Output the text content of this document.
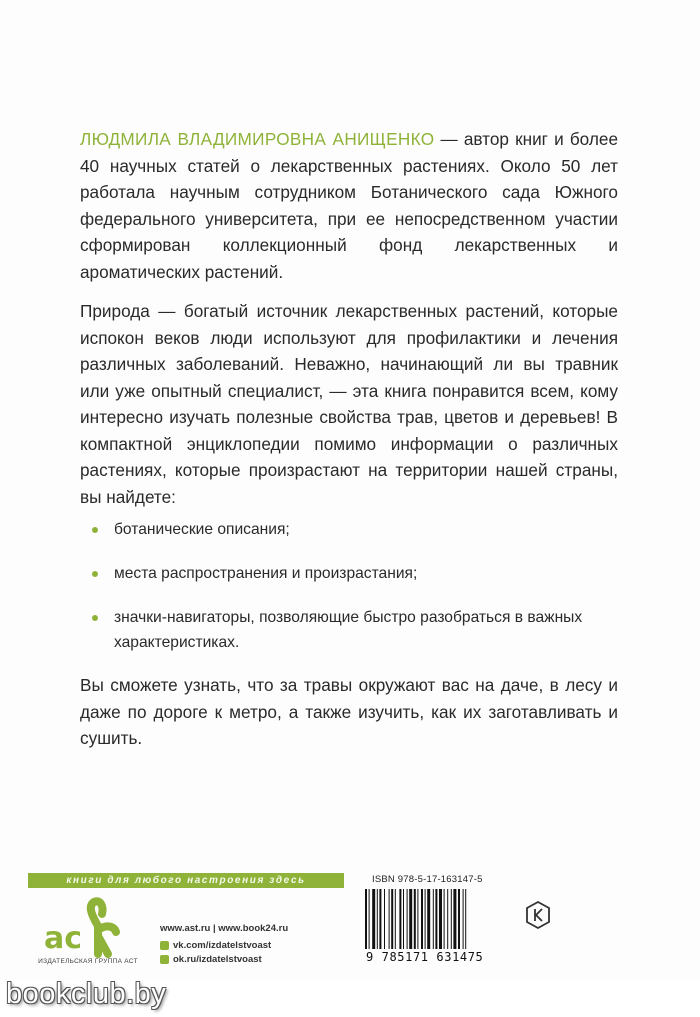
ЛЮДМИЛА ВЛАДИМИРОВНА АНИЩЕНКО — автор книг и более 40 научных статей о лекарственных растениях. Около 50 лет работала научным сотрудником Ботанического сада Южного федерального университета, при ее непосредственном участии сформирован коллекционный фонд лекарственных и ароматических растений.

Природа — богатый источник лекарственных растений, которые испокон веков люди используют для профилактики и лечения различных заболеваний. Неважно, начинающий ли вы травник или уже опытный специалист, — эта книга понравится всем, кому интересно изучать полезные свойства трав, цветов и деревьев! В компактной энциклопедии помимо информации о различных растениях, которые произрастают на территории нашей страны, вы найдете:

ботанические описания;
места распространения и произрастания;
значки-навигаторы, позволяющие быстро разобраться в важных характеристиках.

Вы сможете узнать, что за травы окружают вас на даче, в лесу и даже по дороге к метро, а также изучить, как их заготавливать и сушить.

книги для любого настроения здесь
ac
ИЗДАТЕЛЬСКАЯ ГРУППА АСТ
www.ast.ru | www.book24.ru
vk.com/izdatelstvoast
ok.ru/izdatelstvoast
ISBN 978-5-17-163147-5
9 785171 631475
bookclub.by
